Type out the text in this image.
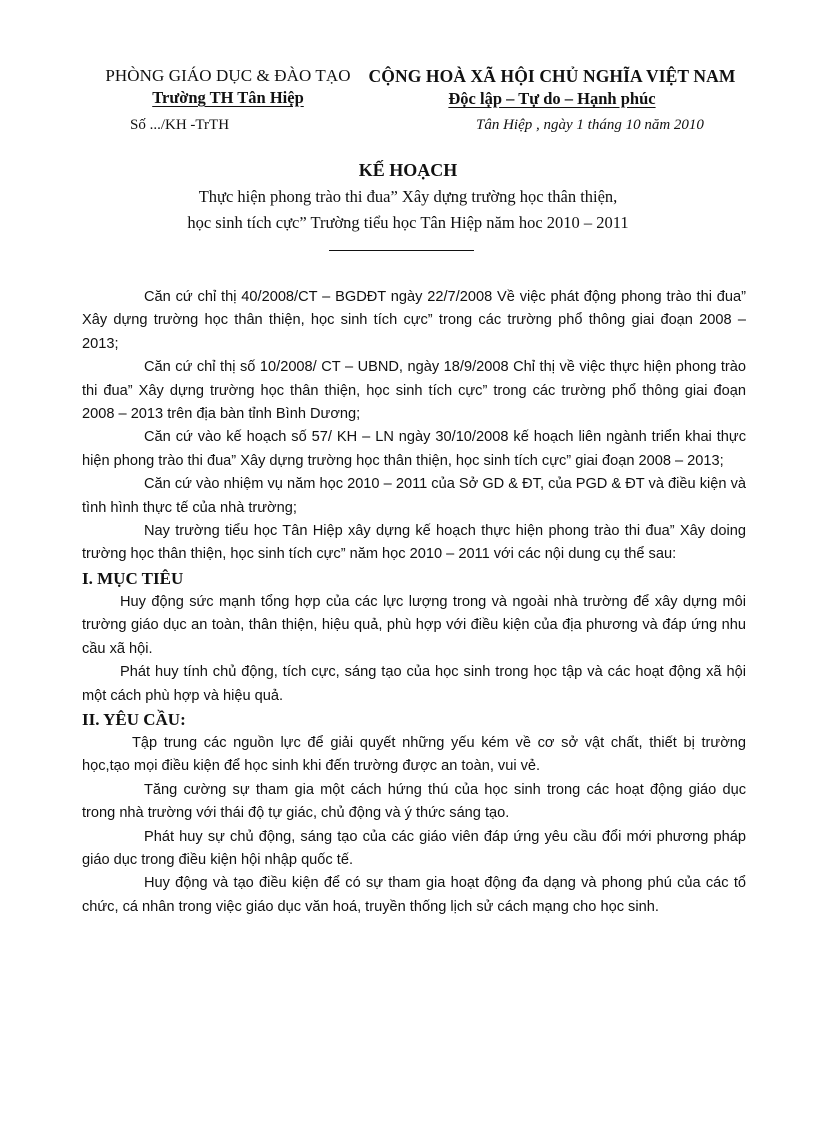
PHÒNG GIÁO DỤC & ĐÀO TẠO
Trường TH Tân Hiệp
CỘNG HOÀ XÃ HỘI CHỦ NGHĨA VIỆT NAM
Độc lập – Tự do – Hạnh phúc
Số .../KH -TrTH	Tân Hiệp , ngày 1 tháng 10 năm 2010
KẾ HOẠCH
Thực hiện phong trào thi đua” Xây dựng trường học thân thiện,
học sinh tích cực” Trường tiểu học Tân Hiệp năm hoc 2010 – 2011

Căn cứ chỉ thị 40/2008/CT – BGDĐT ngày 22/7/2008 Về việc phát động phong trào thi đua” Xây dựng trường học thân thiện, học sinh tích cực” trong các trường phổ thông giai đoạn 2008 – 2013;

Căn cứ chỉ thị số 10/2008/ CT – UBND, ngày 18/9/2008 Chỉ thị về việc thực hiện phong trào thi đua” Xây dựng trường học thân thiện, học sinh tích cực” trong các trường phổ thông giai đoạn 2008 – 2013 trên địa bàn tỉnh Bình Dương;

Căn cứ vào kế hoạch số 57/ KH – LN ngày 30/10/2008 kế hoạch liên ngành triển khai thực hiện phong trào thi đua” Xây dựng trường học thân thiện, học sinh tích cực” giai đoạn 2008 – 2013;

Căn cứ vào nhiệm vụ năm học 2010 – 2011 của Sở GD & ĐT, của PGD & ĐT và điều kiện và tình hình thực tế của nhà trường;

Nay trường tiểu học Tân Hiệp xây dựng kế hoạch thực hiện phong trào thi đua” Xây doing trường học thân thiện, học sinh tích cực” năm học 2010 – 2011 với các nội dung cụ thể sau:

I. MỤC TIÊU

Huy động sức mạnh tổng hợp của các lực lượng trong và ngoài nhà trường để xây dựng môi trường giáo dục an toàn, thân thiện, hiệu quả, phù hợp với điều kiện của địa phương và đáp ứng nhu cầu xã hội.

Phát huy tính chủ động, tích cực, sáng tạo của học sinh trong học tập và các hoạt động xã hội một cách phù hợp và hiệu quả.

II. YÊU CẦU:

Tập trung các nguồn lực để giải quyết những yếu kém về cơ sở vật chất, thiết bị trường học,tạo mọi điều kiện để học sinh khi đến trường được an toàn, vui vẻ.

Tăng cường sự tham gia một cách hứng thú của học sinh trong các hoạt động giáo dục trong nhà trường với thái độ tự giác, chủ động và ý thức sáng tạo.

Phát huy sự chủ động, sáng tạo của các giáo viên đáp ứng yêu cầu đổi mới phương pháp giáo dục trong điều kiện hội nhập quốc tế.

Huy động và tạo điều kiện để có sự tham gia hoạt động đa dạng và phong phú của các tổ chức, cá nhân trong việc giáo dục văn hoá, truyền thống lịch sử cách mạng cho học sinh.
